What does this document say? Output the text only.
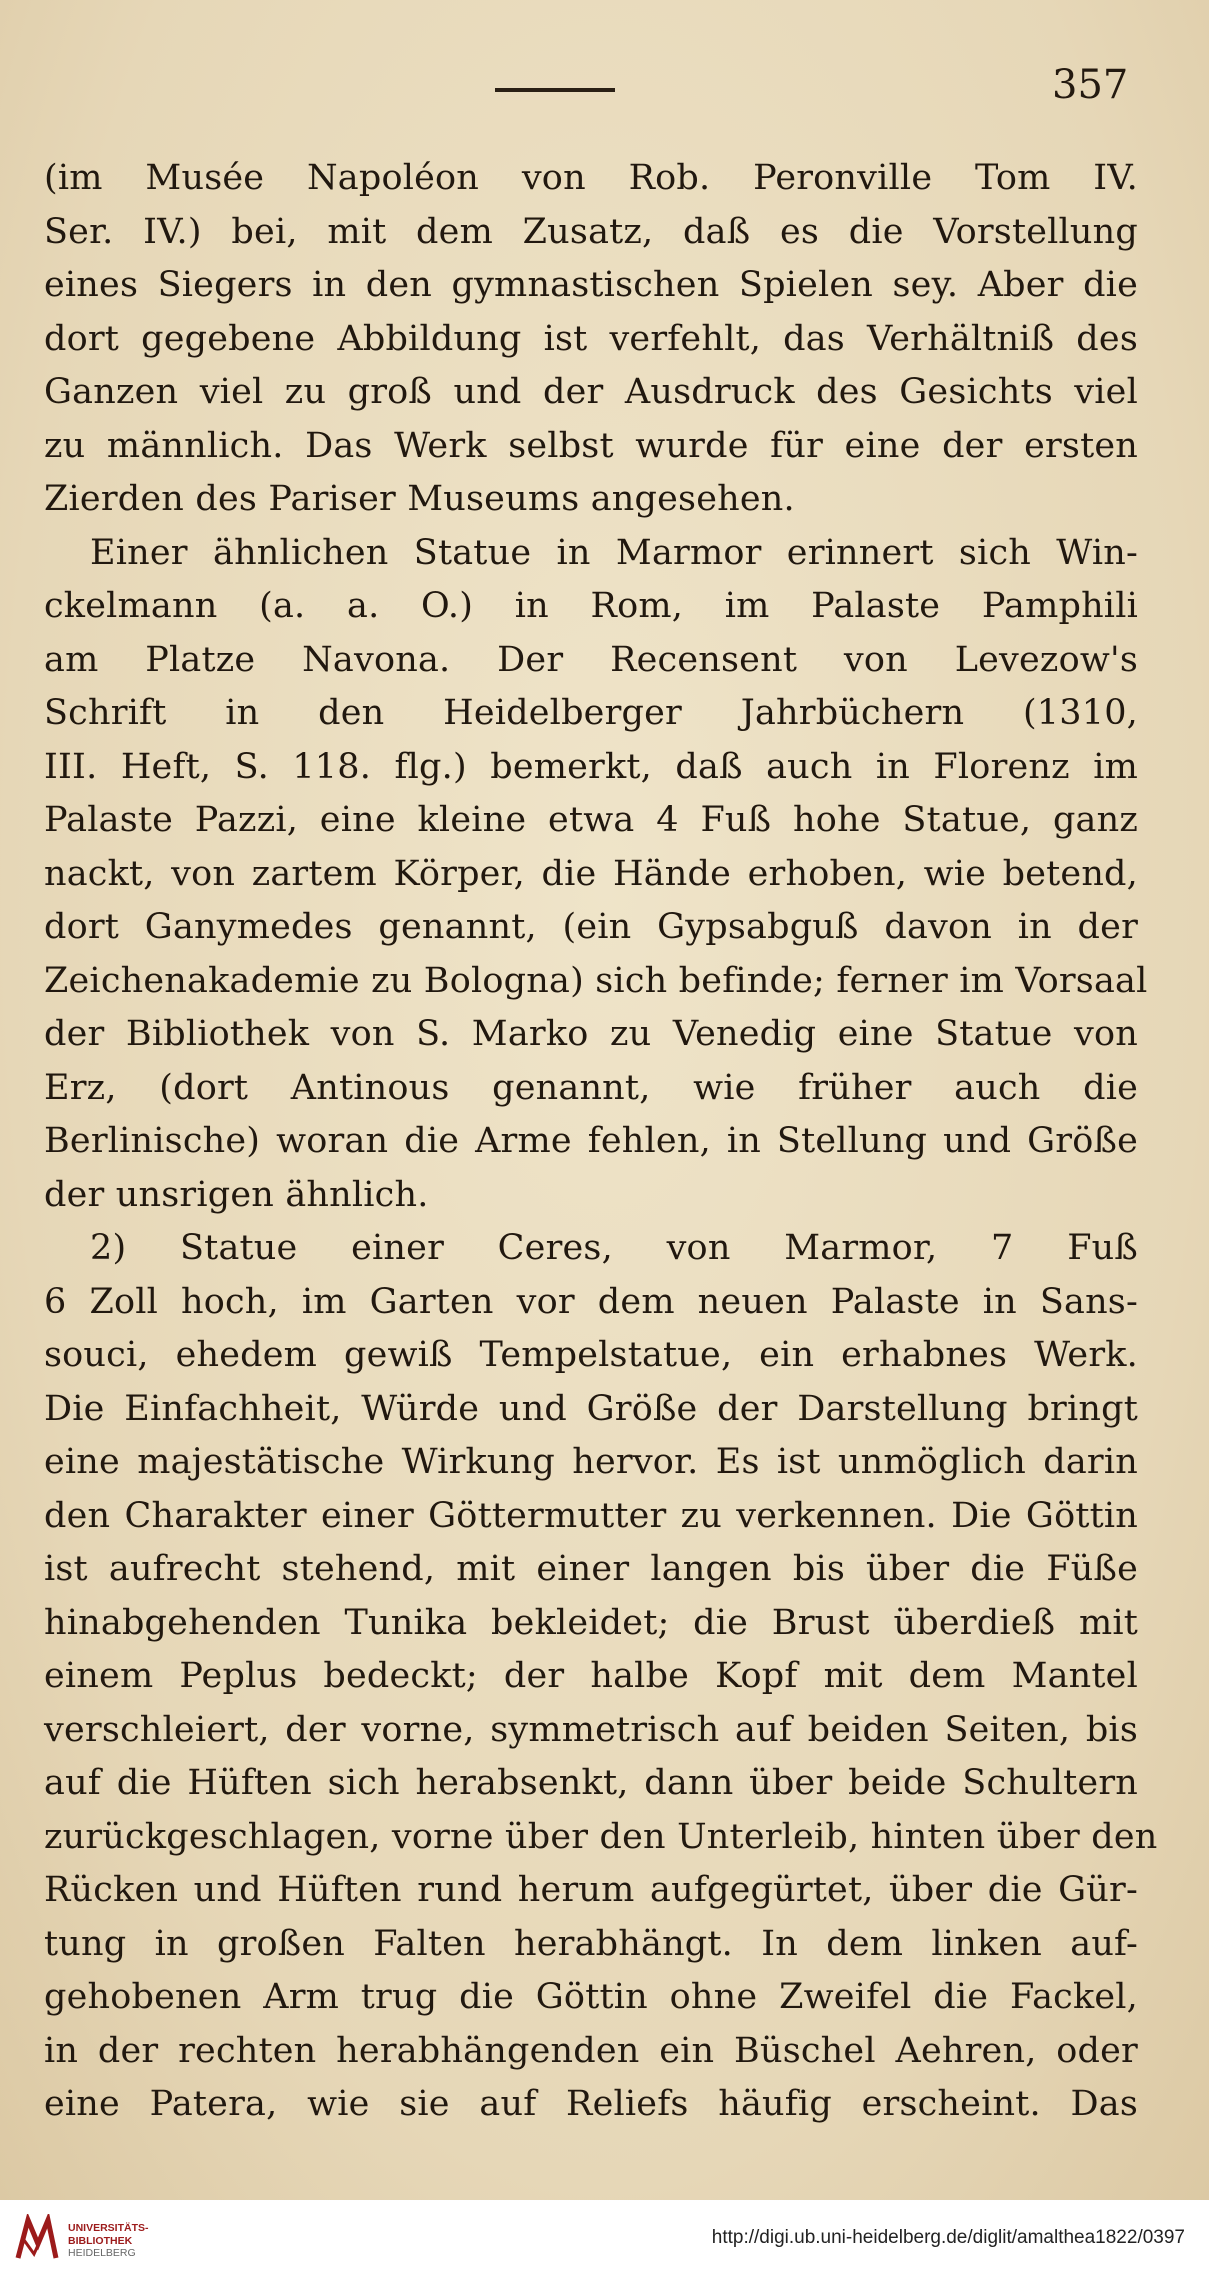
357
(im Musée Napoléon von Rob. Peronville Tom IV.
Ser. IV.) bei, mit dem Zusatz, daß es die Vorstellung
eines Siegers in den gymnastischen Spielen sey. Aber die
dort gegebene Abbildung ist verfehlt, das Verhältniß des
Ganzen viel zu groß und der Ausdruck des Gesichts viel
zu männlich. Das Werk selbst wurde für eine der ersten
Zierden des Pariser Museums angesehen.
Einer ähnlichen Statue in Marmor erinnert sich Win-
ckelmann (a. a. O.) in Rom, im Palaste Pamphili
am Platze Navona. Der Recensent von Levezow's
Schrift in den Heidelberger Jahrbüchern (1310,
III. Heft, S. 118. flg.) bemerkt, daß auch in Florenz im
Palaste Pazzi, eine kleine etwa 4 Fuß hohe Statue, ganz
nackt, von zartem Körper, die Hände erhoben, wie betend,
dort Ganymedes genannt, (ein Gypsabguß davon in der
Zeichenakademie zu Bologna) sich befinde; ferner im Vorsaal
der Bibliothek von S. Marko zu Venedig eine Statue von
Erz, (dort Antinous genannt, wie früher auch die
Berlinische) woran die Arme fehlen, in Stellung und Größe
der unsrigen ähnlich.
2) Statue einer Ceres, von Marmor, 7 Fuß
6 Zoll hoch, im Garten vor dem neuen Palaste in Sans-
souci, ehedem gewiß Tempelstatue, ein erhabnes Werk.
Die Einfachheit, Würde und Größe der Darstellung bringt
eine majestätische Wirkung hervor. Es ist unmöglich darin
den Charakter einer Göttermutter zu verkennen. Die Göttin
ist aufrecht stehend, mit einer langen bis über die Füße
hinabgehenden Tunika bekleidet; die Brust überdieß mit
einem Peplus bedeckt; der halbe Kopf mit dem Mantel
verschleiert, der vorne, symmetrisch auf beiden Seiten, bis
auf die Hüften sich herabsenkt, dann über beide Schultern
zurückgeschlagen, vorne über den Unterleib, hinten über den
Rücken und Hüften rund herum aufgegürtet, über die Gür-
tung in großen Falten herabhängt. In dem linken auf-
gehobenen Arm trug die Göttin ohne Zweifel die Fackel,
in der rechten herabhängenden ein Büschel Aehren, oder
eine Patera, wie sie auf Reliefs häufig erscheint. Das
UNIVERSITÄTS-
BIBLIOTHEK
HEIDELBERG
http://digi.ub.uni-heidelberg.de/diglit/amalthea1822/0397
